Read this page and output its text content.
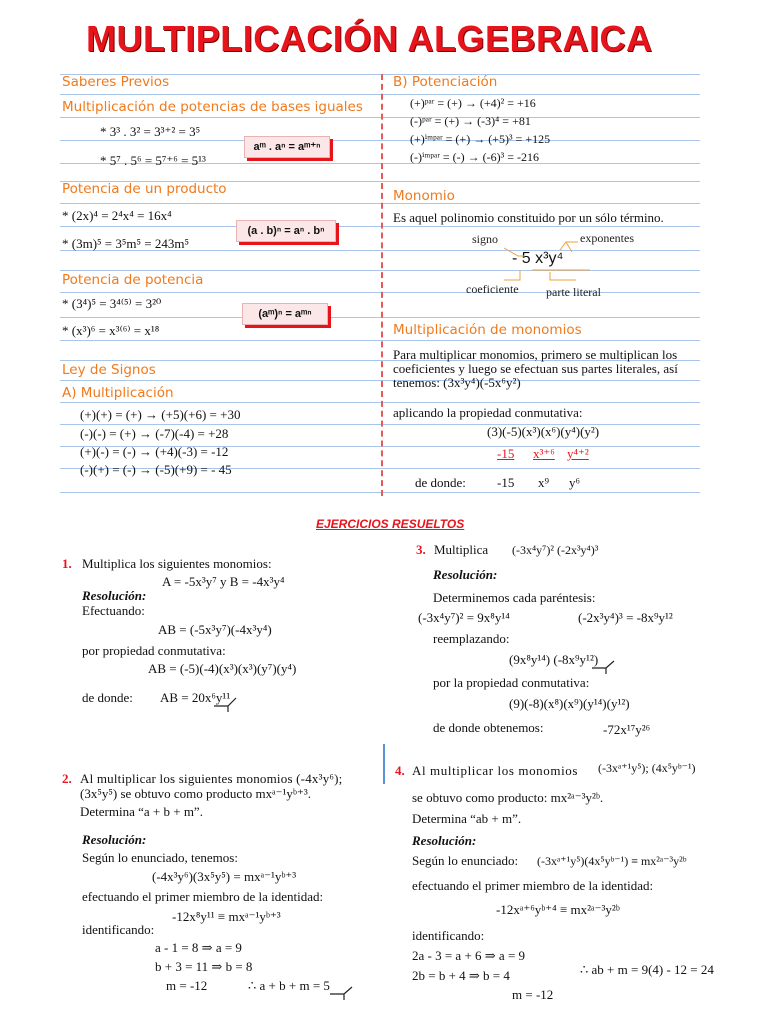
MULTIPLICACIÓN ALGEBRAICA
Saberes Previos
Multiplicación de potencias de bases iguales
* 3³ . 3² = 3³⁺² = 3⁵
* 5⁷ . 5⁶ = 5⁷⁺⁶ = 5¹³
aᵐ . aⁿ = aᵐ⁺ⁿ
Potencia de un producto
* (2x)⁴ = 2⁴x⁴ = 16x⁴
* (3m)⁵ = 3⁵m⁵ = 243m⁵
(a . b)ⁿ = aⁿ . bⁿ
Potencia de potencia
* (3⁴)⁵ = 3⁴⁽⁵⁾ = 3²⁰
* (x³)⁶ = x³⁽⁶⁾ = x¹⁸
(aᵐ)ⁿ = aᵐⁿ
Ley de Signos
A) Multiplicación
(+)(+) = (+) → (+5)(+6) = +30
(-)(-) = (+) → (-7)(-4) = +28
(+)(-) = (-) → (+4)(-3) = -12
(-)(+) = (-) → (-5)(+9) = - 45
B) Potenciación
(+)ᵖᵃʳ = (+) → (+4)² = +16
(-)ᵖᵃʳ = (+) → (-3)⁴ = +81
(+)ⁱᵐᵖᵃʳ = (+) → (+5)³ = +125
(-)ⁱᵐᵖᵃʳ = (-) → (-6)³ = -216
Monomio
Es aquel polinomio constituido por un sólo término.
signo	exponentes
- 5 x³y⁴
coeficiente parte literal
Multiplicación de monomios
Para multiplicar monomios, primero se multiplican los
coeficientes y luego se efectuan sus partes literales, así
tenemos: (3x³y⁴)(-5x⁶y²)
aplicando la propiedad conmutativa:
(3)(-5)(x³)(x⁶)(y⁴)(y²)
-15 x³⁺⁶ y⁴⁺²
de donde: -15 x⁹ y⁶
EJERCICIOS RESUELTOS
1. Multiplica los siguientes monomios:
A = -5x³y⁷ y B = -4x³y⁴
Resolución:
Efectuando:
AB = (-5x³y⁷)(-4x³y⁴)
por propiedad conmutativa:
AB = (-5)(-4)(x³)(x³)(y⁷)(y⁴)
de donde: AB = 20x⁶y¹¹
2. Al multiplicar los siguientes monomios (-4x³y⁶);
(3x⁵y⁵) se obtuvo como producto mxᵃ⁻¹yᵇ⁺³.
Determina “a + b + m”.
Resolución:
Según lo enunciado, tenemos:
(-4x³y⁶)(3x⁵y⁵) = mxᵃ⁻¹yᵇ⁺³
efectuando el primer miembro de la identidad:
-12x⁸y¹¹ ≡ mxᵃ⁻¹yᵇ⁺³
identificando:
a - 1 = 8 ⇒ a = 9
b + 3 = 11 ⇒ b = 8
m = -12	∴ a + b + m = 5
3. Multiplica (-3x⁴y⁷)² (-2x³y⁴)³
Resolución:
Determinemos cada paréntesis:
(-3x⁴y⁷)² = 9x⁸y¹⁴	(-2x³y⁴)³ = -8x⁹y¹²
reemplazando:
(9x⁸y¹⁴) (-8x⁹y¹²)
por la propiedad conmutativa:
(9)(-8)(x⁸)(x⁹)(y¹⁴)(y¹²)
de donde obtenemos:	-72x¹⁷y²⁶
4. Al multiplicar los monomios (-3xᵃ⁺¹y⁵); (4x⁵yᵇ⁻¹)
se obtuvo como producto: mx²ᵃ⁻³y²ᵇ.
Determina “ab + m”.
Resolución:
Según lo enunciado: (-3xᵃ⁺¹y⁵)(4x⁵yᵇ⁻¹) ≡ mx²ᵃ⁻³y²ᵇ
efectuando el primer miembro de la identidad:
-12xᵃ⁺⁶yᵇ⁺⁴ ≡ mx²ᵃ⁻³y²ᵇ
identificando:
2a - 3 = a + 6 ⇒ a = 9
2b = b + 4 ⇒ b = 4
m = -12
∴ ab + m = 9(4) - 12 = 24
